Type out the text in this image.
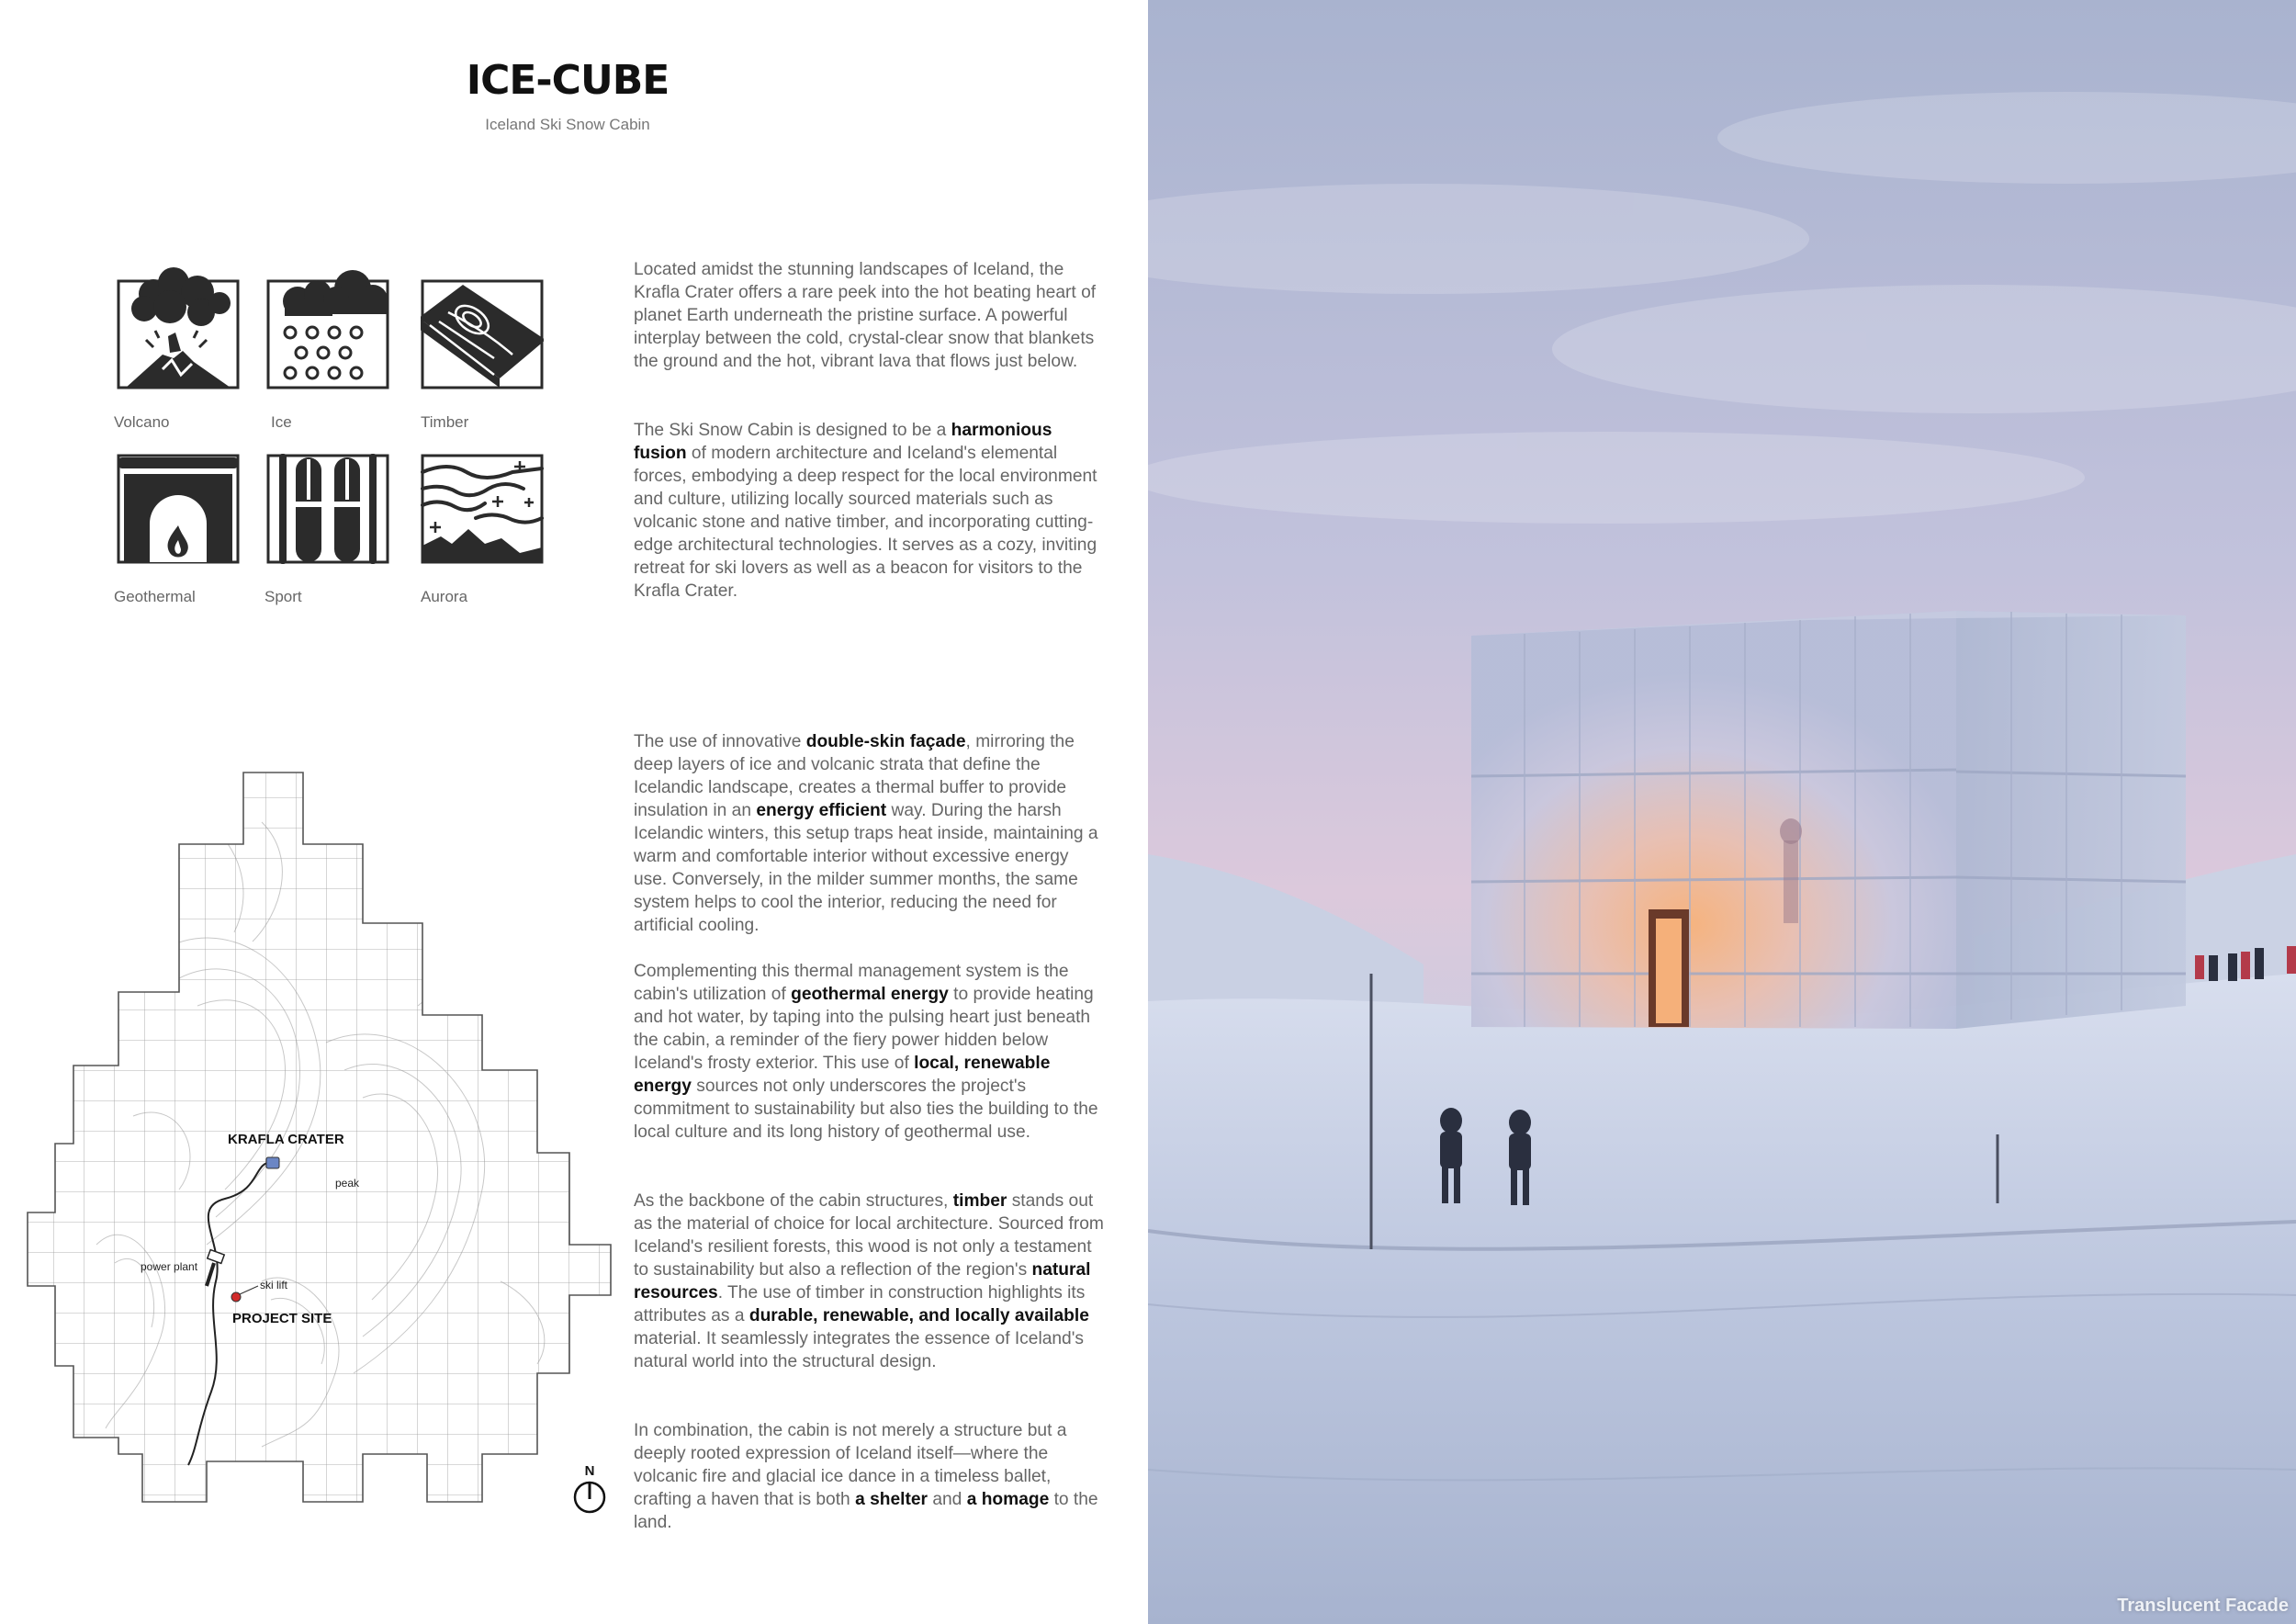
ICE-CUBE
Iceland Ski Snow Cabin
Volcano	Ice	Timber
Geothermal	Sport	Aurora

Located amidst the stunning landscapes of Iceland, the Krafla Crater offers a rare peek into the hot beating heart of planet Earth underneath the pristine surface. A powerful interplay between the cold, crystal-clear snow that blankets the ground and the hot, vibrant lava that flows just below.

The Ski Snow Cabin is designed to be a harmonious fusion of modern architecture and Iceland's elemental forces, embodying a deep respect for the local environment and culture, utilizing locally sourced materials such as volcanic stone and native timber, and incorporating cutting-edge architectural technologies. It serves as a cozy, inviting retreat for ski lovers as well as a beacon for visitors to the Krafla Crater.

The use of innovative double-skin façade, mirroring the deep layers of ice and volcanic strata that define the Icelandic landscape, creates a thermal buffer to provide insulation in an energy efficient way. During the harsh Icelandic winters, this setup traps heat inside, maintaining a warm and comfortable interior without excessive energy use. Conversely, in the milder summer months, the same system helps to cool the interior, reducing the need for artificial cooling.

Complementing this thermal management system is the cabin's utilization of geothermal energy to provide heating and hot water, by taping into the pulsing heart just beneath the cabin, a reminder of the fiery power hidden below Iceland's frosty exterior. This use of local, renewable energy sources not only underscores the project's commitment to sustainability but also ties the building to the local culture and its long history of geothermal use.

As the backbone of the cabin structures, timber stands out as the material of choice for local architecture. Sourced from Iceland's resilient forests, this wood is not only a testament to sustainability but also a reflection of the region's natural resources. The use of timber in construction highlights its attributes as a durable, renewable, and locally available material. It seamlessly integrates the essence of Iceland's natural world into the structural design.

In combination, the cabin is not merely a structure but a deeply rooted expression of Iceland itself—where the volcanic fire and glacial ice dance in a timeless ballet, crafting a haven that is both a shelter and a homage to the land.

KRAFLA CRATER
peak
power plant
ski lift
PROJECT SITE
N
Translucent Facade
